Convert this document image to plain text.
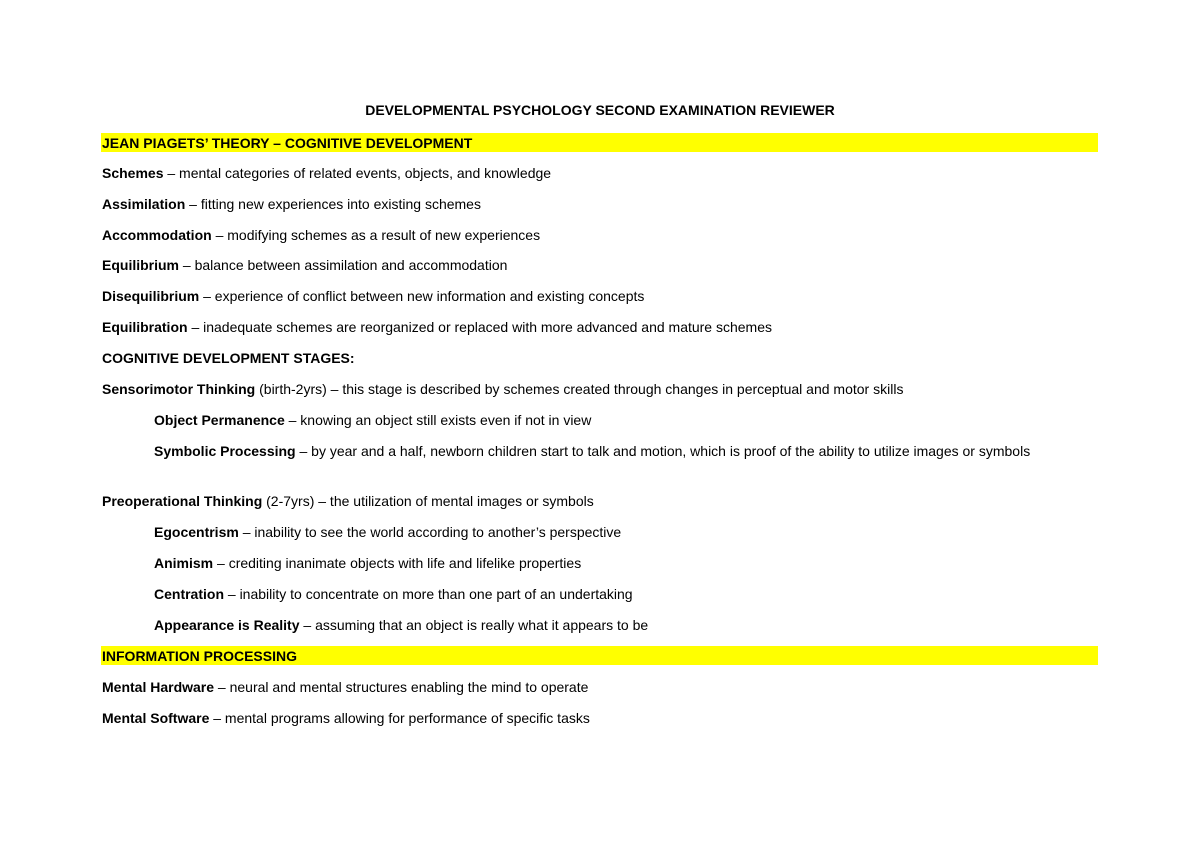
DEVELOPMENTAL PSYCHOLOGY SECOND EXAMINATION REVIEWER
JEAN PIAGETS’ THEORY – COGNITIVE DEVELOPMENT
Schemes – mental categories of related events, objects, and knowledge
Assimilation – fitting new experiences into existing schemes
Accommodation – modifying schemes as a result of new experiences
Equilibrium – balance between assimilation and accommodation
Disequilibrium – experience of conflict between new information and existing concepts
Equilibration – inadequate schemes are reorganized or replaced with more advanced and mature schemes
COGNITIVE DEVELOPMENT STAGES:
Sensorimotor Thinking (birth-2yrs) – this stage is described by schemes created through changes in perceptual and motor skills
Object Permanence – knowing an object still exists even if not in view
Symbolic Processing – by year and a half, newborn children start to talk and motion, which is proof of the ability to utilize images or symbols
Preoperational Thinking (2-7yrs) – the utilization of mental images or symbols
Egocentrism – inability to see the world according to another’s perspective
Animism – crediting inanimate objects with life and lifelike properties
Centration – inability to concentrate on more than one part of an undertaking
Appearance is Reality – assuming that an object is really what it appears to be
INFORMATION PROCESSING
Mental Hardware – neural and mental structures enabling the mind to operate
Mental Software – mental programs allowing for performance of specific tasks
